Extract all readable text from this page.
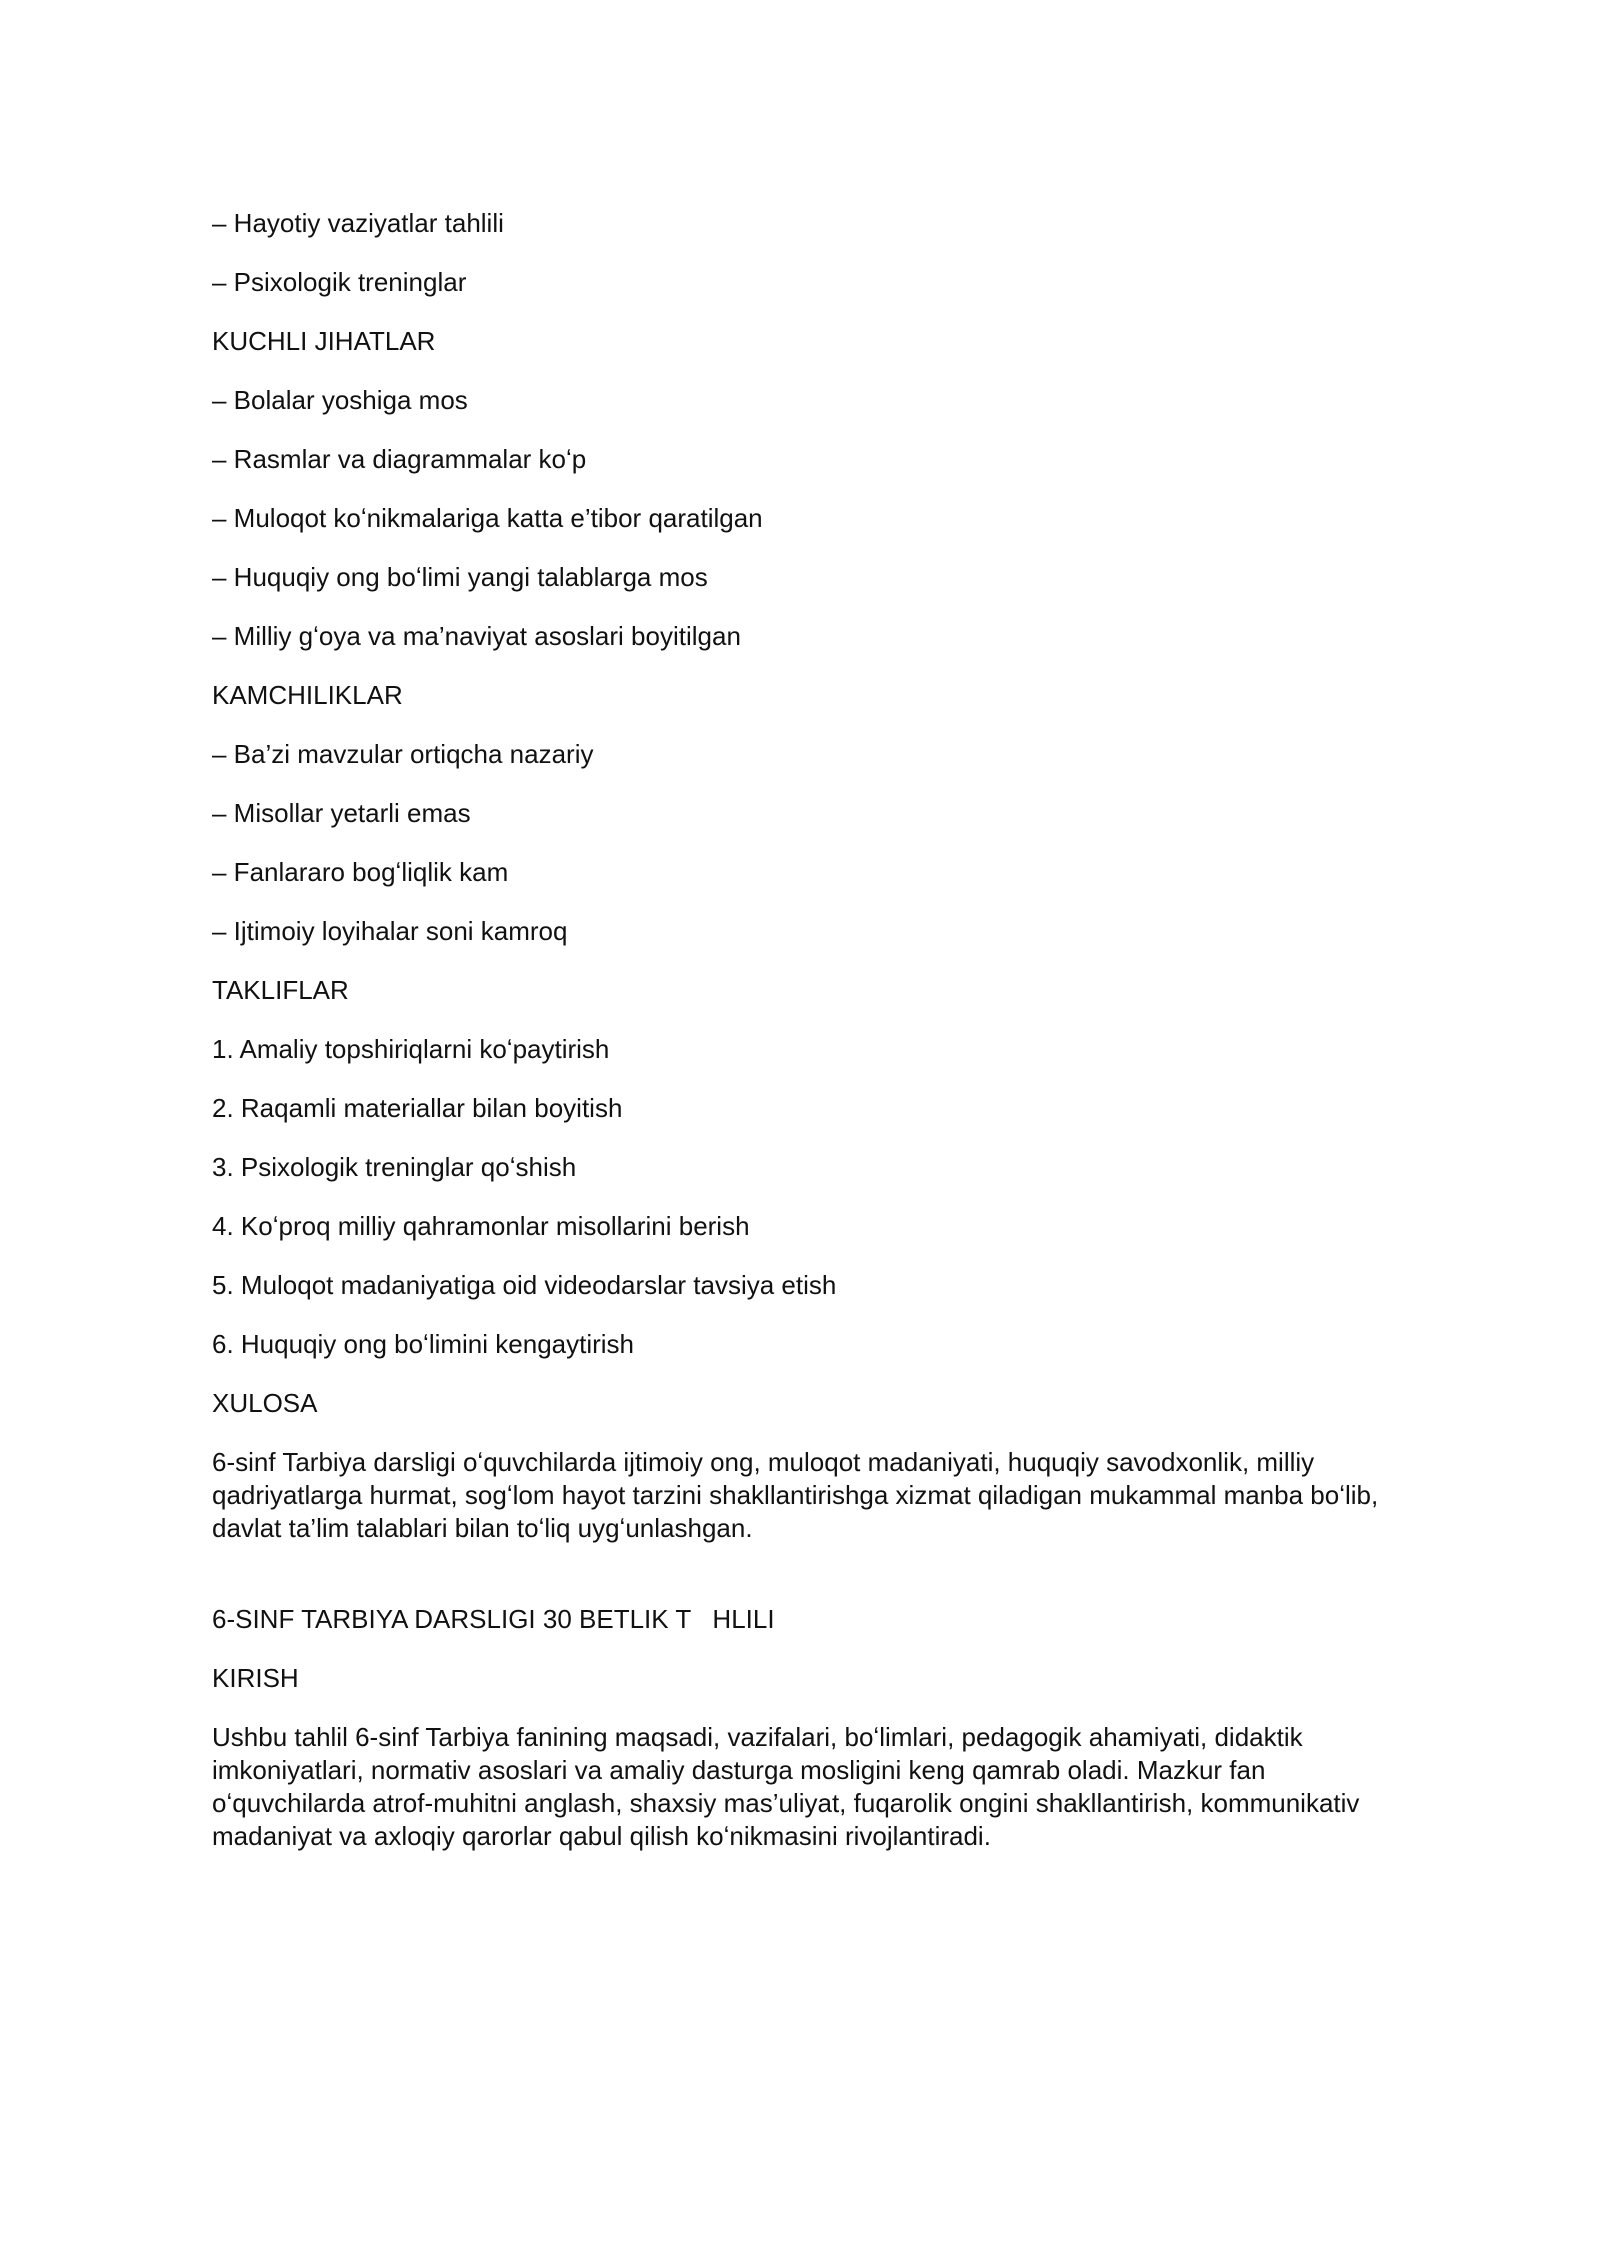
– Hayotiy vaziyatlar tahlili
– Psixologik treninglar
KUCHLI JIHATLAR
– Bolalar yoshiga mos
– Rasmlar va diagrammalar koʻp
– Muloqot koʻnikmalariga katta e’tibor qaratilgan
– Huquqiy ong boʻlimi yangi talablarga mos
– Milliy gʻoya va ma’naviyat asoslari boyitilgan
KAMCHILIKLAR
– Ba’zi mavzular ortiqcha nazariy
– Misollar yetarli emas
– Fanlararo bogʻliqlik kam
– Ijtimoiy loyihalar soni kamroq
TAKLIFLAR
1. Amaliy topshiriqlarni koʻpaytirish
2. Raqamli materiallar bilan boyitish
3. Psixologik treninglar qoʻshish
4. Koʻproq milliy qahramonlar misollarini berish
5. Muloqot madaniyatiga oid videodarslar tavsiya etish
6. Huquqiy ong boʻlimini kengaytirish
XULOSA
6-sinf Tarbiya darsligi oʻquvchilarda ijtimoiy ong, muloqot madaniyati, huquqiy savodxonlik, milliy qadriyatlarga hurmat, sogʻlom hayot tarzini shakllantirishga xizmat qiladigan mukammal manba boʻlib, davlat ta’lim talablari bilan toʻliq uygʻunlashgan.
6-SINF TARBIYA DARSLIGI 30 BETLIK T   HLILI
KIRISH
Ushbu tahlil 6-sinf Tarbiya fanining maqsadi, vazifalari, boʻlimlari, pedagogik ahamiyati, didaktik imkoniyatlari, normativ asoslari va amaliy dasturga mosligini keng qamrab oladi. Mazkur fan oʻquvchilarda atrof-muhitni anglash, shaxsiy mas’uliyat, fuqarolik ongini shakllantirish, kommunikativ madaniyat va axloqiy qarorlar qabul qilish koʻnikmasini rivojlantiradi.
